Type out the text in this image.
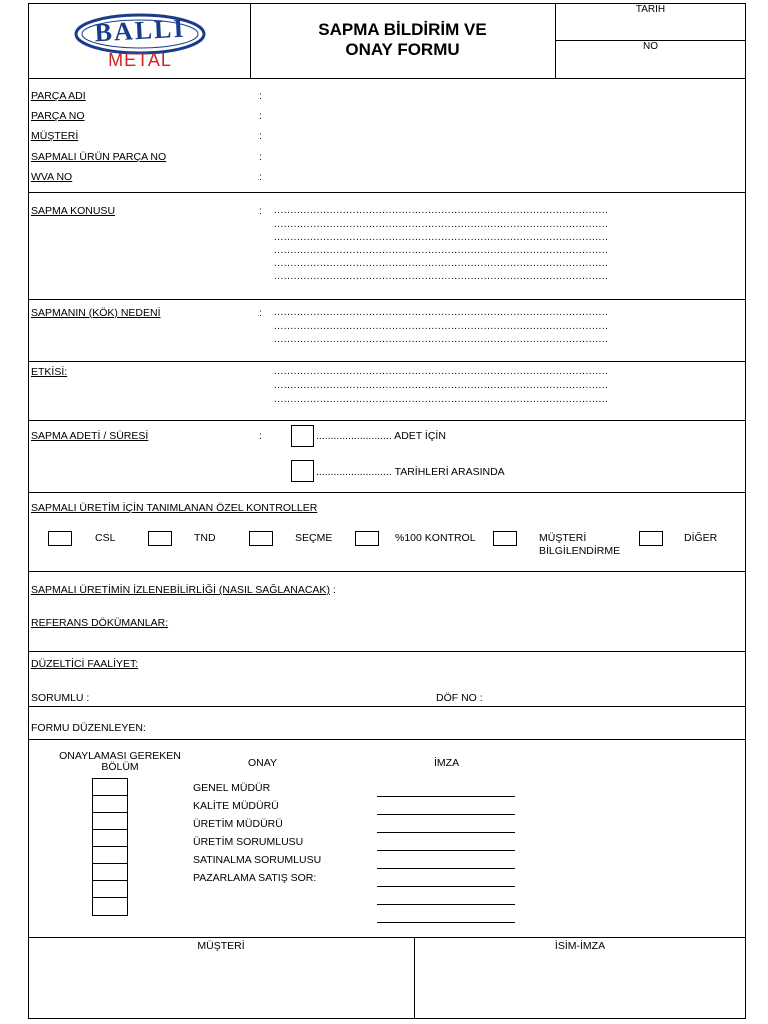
BALLI
METAL
SAPMA BİLDİRİM VE
ONAY FORMU
TARİH
NO
PARÇA ADI	:
PARÇA NO	:
MÜŞTERİ	:
SAPMALI ÜRÜN PARÇA NO	:
WVA NO	:
SAPMA KONUSU	: ......................................................................................................
......................................................................................................
......................................................................................................
......................................................................................................
......................................................................................................
......................................................................................................
SAPMANIN (KÖK) NEDENİ	: ......................................................................................................
......................................................................................................
......................................................................................................
ETKİSİ:	......................................................................................................
......................................................................................................
......................................................................................................
SAPMA ADETİ / SÜRESİ	:	.......................... ADET İÇİN
.......................... TARİHLERİ ARASINDA
SAPMALI ÜRETİM İÇİN TANIMLANAN ÖZEL KONTROLLER
CSL	TND	SEÇME	%100 KONTROL	MÜŞTERİ
BİLGİLENDİRME
DİĞER
SAPMALI ÜRETİMİN İZLENEBİLİRLİĞİ (NASIL SAĞLANACAK) :
REFERANS DÖKÜMANLAR:
DÜZELTİCİ FAALİYET:
SORUMLU :	DÖF NO :
FORMU DÜZENLEYEN:
ONAYLAMASI GEREKEN
BÖLÜM	ONAY	İMZA
GENEL MÜDÜR
KALİTE MÜDÜRÜ
ÜRETİM MÜDÜRÜ
ÜRETİM SORUMLUSU
SATINALMA SORUMLUSU
PAZARLAMA SATIŞ SOR:
MÜŞTERİ	İSİM-İMZA
